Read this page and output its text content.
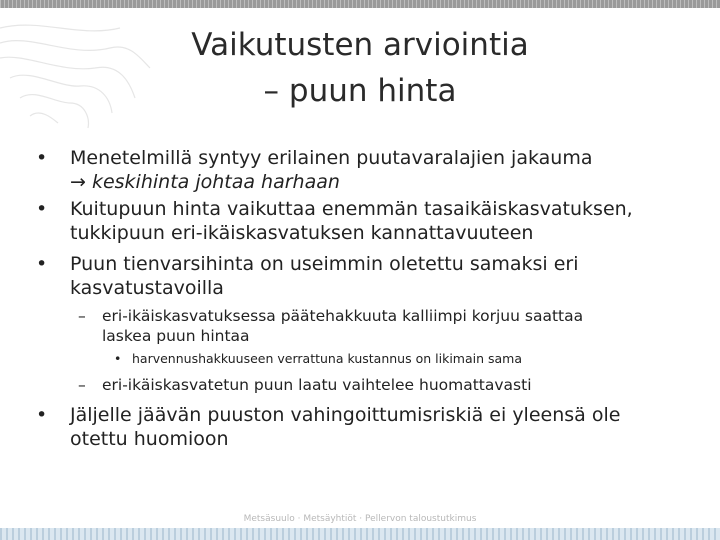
Vaikutusten arviointia
– puun hinta
• Menetelmillä syntyy erilainen puutavaralajien jakauma
→ keskihinta johtaa harhaan
• Kuitupuun hinta vaikuttaa enemmän tasaikäiskasvatuksen,
tukkipuun eri-ikäiskasvatuksen kannattavuuteen
• Puun tienvarsihinta on useimmin oletettu samaksi eri
kasvatustavoilla
– eri-ikäiskasvatuksessa päätehakkuuta kalliimpi korjuu saattaa
laskea puun hintaa
• harvennushakkuuseen verrattuna kustannus on likimain sama
– eri-ikäiskasvatetun puun laatu vaihtelee huomattavasti
• Jäljelle jäävän puuston vahingoittumisriskiä ei yleensä ole
otettu huomioon
Metsäsuulo · Metsäyhtiöt · Pellervon taloustutkimus
